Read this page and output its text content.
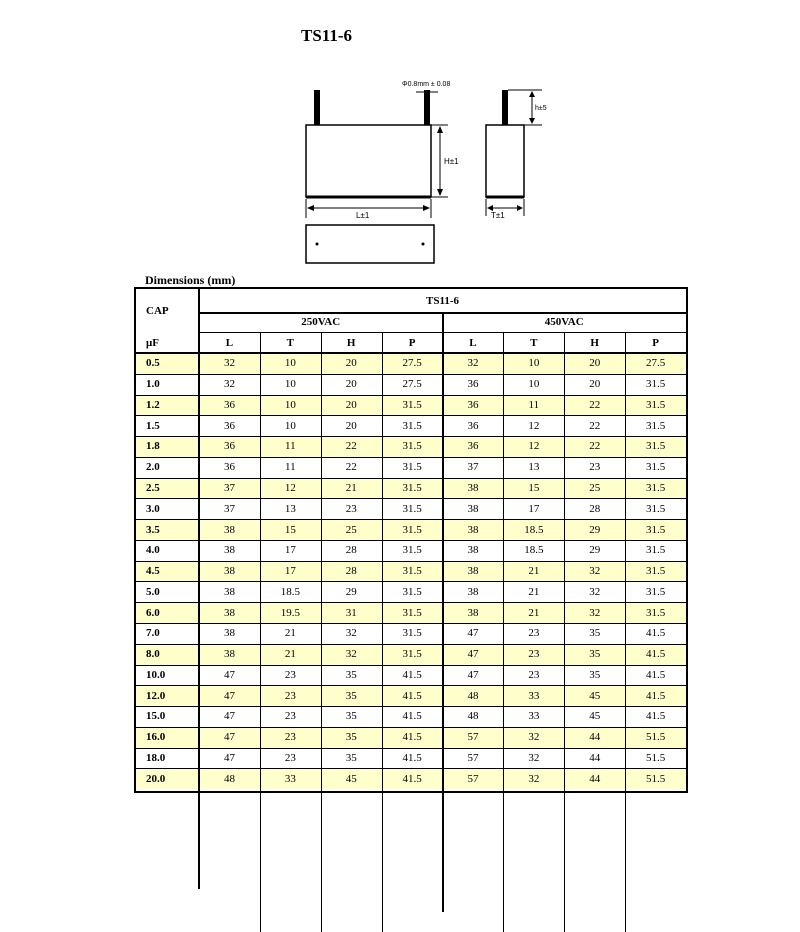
TS11-6
Φ0.8mm ± 0.08
H±1
L±1
h±5
T±1
Dimensions (mm)
CAP
μF
TS11-6
250VAC	450VAC
L	T	H	P	L	T	H	P
0.5	32	10	20	27.5	32	10	20	27.5
1.0	32	10	20	27.5	36	10	20	31.5
1.2	36	10	20	31.5	36	11	22	31.5
1.5	36	10	20	31.5	36	12	22	31.5
1.8	36	11	22	31.5	36	12	22	31.5
2.0	36	11	22	31.5	37	13	23	31.5
2.5	37	12	21	31.5	38	15	25	31.5
3.0	37	13	23	31.5	38	17	28	31.5
3.5	38	15	25	31.5	38	18.5	29	31.5
4.0	38	17	28	31.5	38	18.5	29	31.5
4.5	38	17	28	31.5	38	21	32	31.5
5.0	38	18.5	29	31.5	38	21	32	31.5
6.0	38	19.5	31	31.5	38	21	32	31.5
7.0	38	21	32	31.5	47	23	35	41.5
8.0	38	21	32	31.5	47	23	35	41.5
10.0	47	23	35	41.5	47	23	35	41.5
12.0	47	23	35	41.5	48	33	45	41.5
15.0	47	23	35	41.5	48	33	45	41.5
16.0	47	23	35	41.5	57	32	44	51.5
18.0	47	23	35	41.5	57	32	44	51.5
20.0	48	33	45	41.5	57	32	44	51.5
